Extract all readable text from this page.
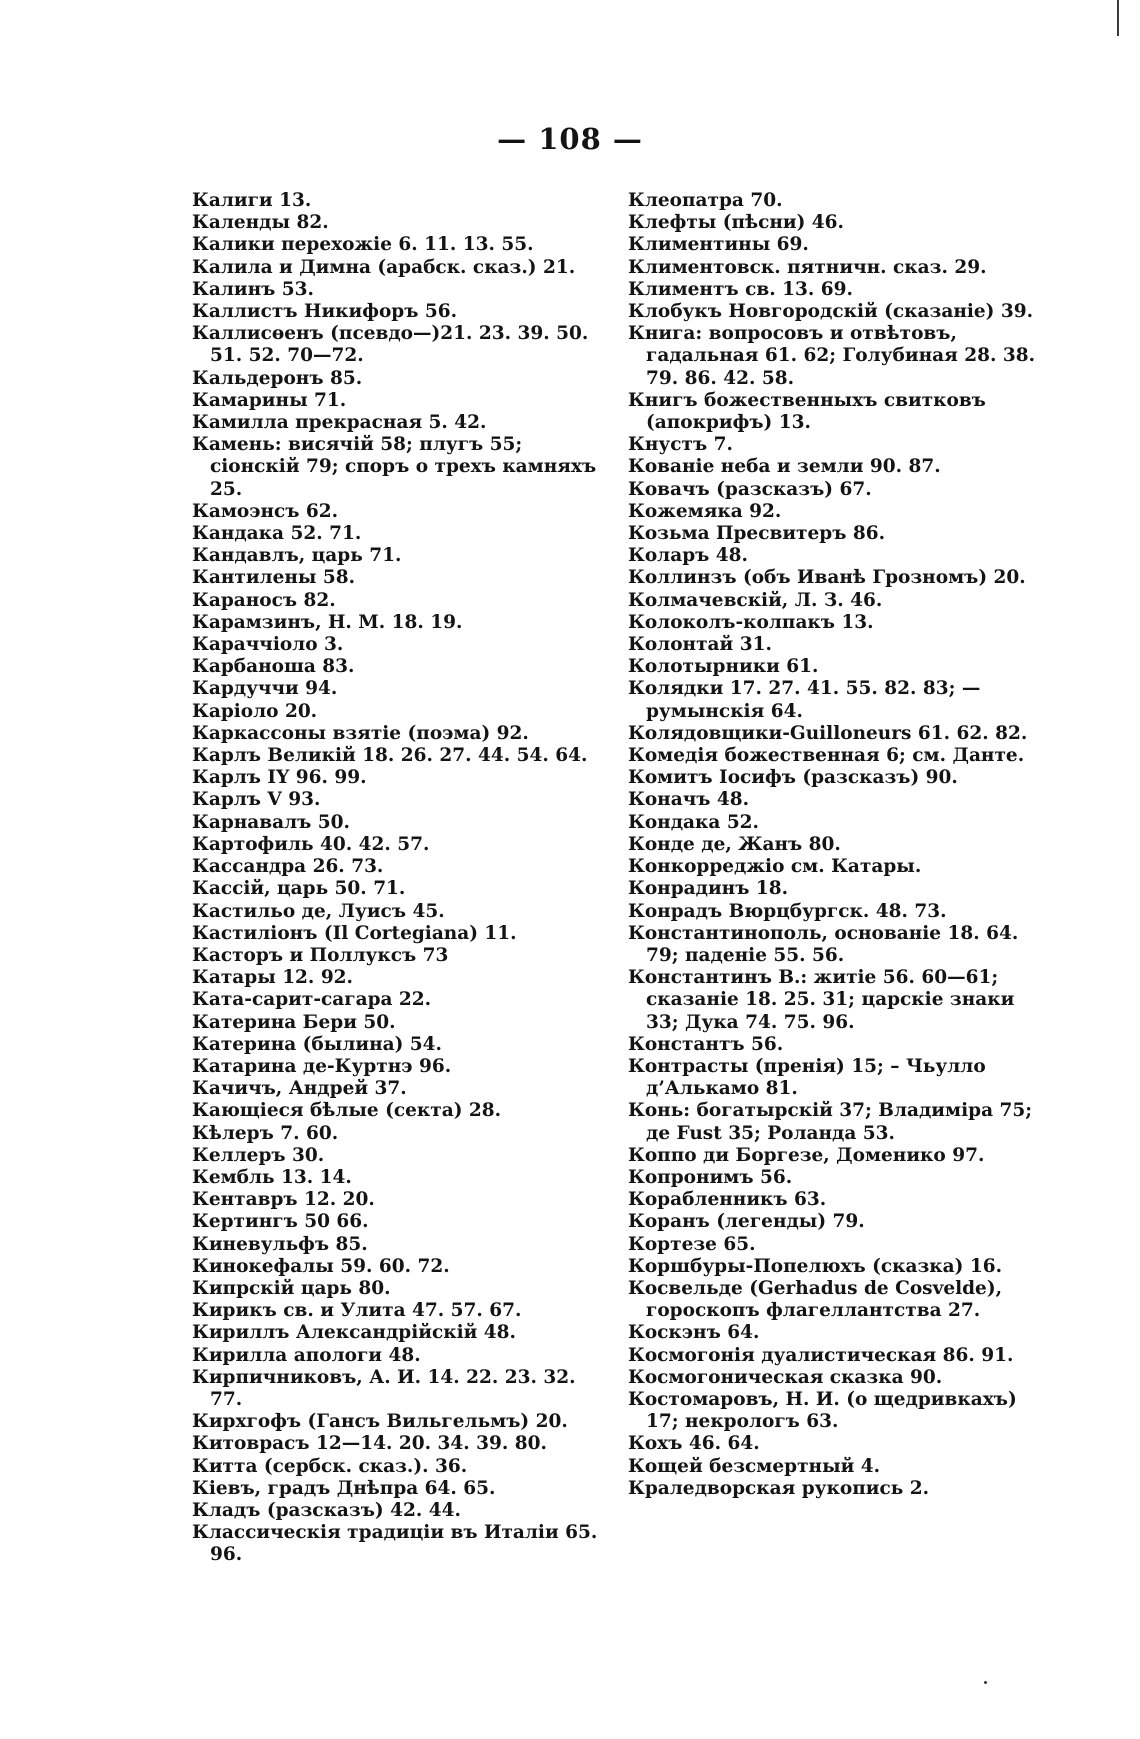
— 108 —
Калиги 13.
Календы 82.
Калики перехожіе 6. 11. 13. 55.
Калила и Димна (арабск. сказ.) 21.
Калинъ 53.
Каллистъ Никифоръ 56.
Каллисөенъ (псевдо—)21. 23. 39. 50. 51. 52. 70—72.
Кальдеронъ 85.
Камарины 71.
Камилла прекрасная 5. 42.
Камень: висячій 58; плугъ 55; сіонскій 79; споръ о трехъ камняхъ 25.
Камоэнсъ 62.
Кандака 52. 71.
Кандавлъ, царь 71.
Кантилены 58.
Караносъ 82.
Карамзинъ, Н. М. 18. 19.
Караччіоло 3.
Карбаноша 83.
Кардуччи 94.
Каріоло 20.
Каркассоны взятіе (поэма) 92.
Карлъ Великій 18. 26. 27. 44. 54. 64.
Карлъ IY 96. 99.
Карлъ V 93.
Карнавалъ 50.
Картофиль 40. 42. 57.
Кассандра 26. 73.
Кассій, царь 50. 71.
Кастильо де, Луисъ 45.
Кастиліонъ (Il Cortegiana) 11.
Касторъ и Поллуксъ 73
Катары 12. 92.
Ката-сарит-сагара 22.
Катерина Бери 50.
Катерина (былина) 54.
Катарина де-Куртнэ 96.
Качичъ, Андрей 37.
Кающіеся бѣлые (секта) 28.
Кѣлеръ 7. 60.
Келлеръ 30.
Кембль 13. 14.
Кентавръ 12. 20.
Кертингъ 50 66.
Киневульфъ 85.
Кинокефалы 59. 60. 72.
Кипрскій царь 80.
Кирикъ св. и Улита 47. 57. 67.
Кириллъ Александрійскій 48.
Кирилла апологи 48.
Кирпичниковъ, А. И. 14. 22. 23. 32. 77.
Кирхгофъ (Гансъ Вильгельмъ) 20.
Китоврасъ 12—14. 20. 34. 39. 80.
Китта (сербск. сказ.). 36.
Кіевъ, градъ Днѣпра 64. 65.
Кладъ (разсказъ) 42. 44.
Классическія традиціи въ Италіи 65. 96.
Клеопатра 70.
Клефты (пѣсни) 46.
Климентины 69.
Климентовск. пятничн. сказ. 29.
Климентъ св. 13. 69.
Клобукъ Новгородскій (сказаніе) 39.
Книга: вопросовъ и отвѣтовъ, гадальная 61. 62; Голубиная 28. 38. 79. 86. 42. 58.
Книгъ божественныхъ свитковъ (апокрифъ) 13.
Кнустъ 7.
Кованіе неба и земли 90. 87.
Ковачъ (разсказъ) 67.
Кожемяка 92.
Козьма Пресвитеръ 86.
Коларъ 48.
Коллинзъ (объ Иванѣ Грозномъ) 20.
Колмачевскій, Л. З. 46.
Колоколъ-колпакъ 13.
Колонтай 31.
Колотырники 61.
Колядки 17. 27. 41. 55. 82. 83; —румынскія 64.
Колядовщики-Guilloneurs 61. 62. 82.
Комедія божественная 6; см. Данте.
Комитъ Іосифъ (разсказъ) 90.
Коначъ 48.
Кондака 52.
Конде де, Жанъ 80.
Конкорреджіо см. Катары.
Конрадинъ 18.
Конрадъ Вюрцбургск. 48. 73.
Константинополь, основаніе 18. 64. 79; паденіе 55. 56.
Константинъ В.: житіе 56. 60—61; сказаніе 18. 25. 31; царскіе знаки 33; Дука 74. 75. 96.
Константъ 56.
Контрасты (пренія) 15; – Чьулло д’Алькамо 81.
Конь: богатырскій 37; Владиміра 75; де Fust 35; Роланда 53.
Коппо ди Боргезе, Доменико 97.
Копронимъ 56.
Корабленникъ 63.
Коранъ (легенды) 79.
Кортезе 65.
Коршбуры-Попелюхъ (сказка) 16.
Косвельде (Gerhadus de Cosvelde), гороскопъ флагеллантства 27.
Коскэнъ 64.
Космогонія дуалистическая 86. 91.
Космогоническая сказка 90.
Костомаровъ, Н. И. (о щедривкахъ) 17; некрологъ 63.
Кохъ 46. 64.
Кощей безсмертный 4.
Краледворская рукопись 2.
